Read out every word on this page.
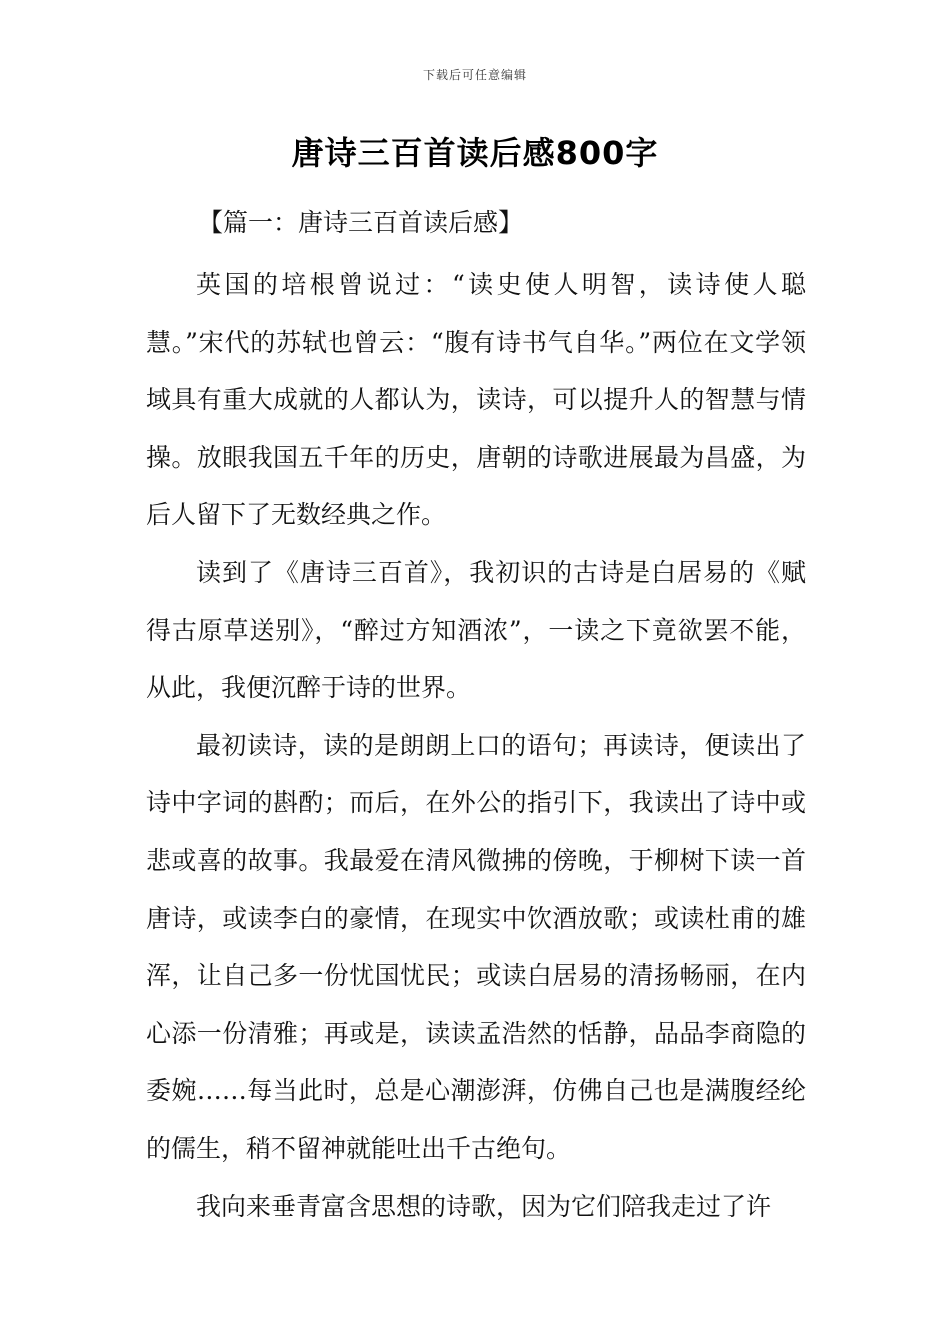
下载后可任意编辑
唐诗三百首读后感800字
【篇一：唐诗三百首读后感】

英国的培根曾说过：“读史使人明智，读诗使人聪慧。”宋代的苏轼也曾云：“腹有诗书气自华。”两位在文学领域具有重大成就的人都认为，读诗，可以提升人的智慧与情操。放眼我国五千年的历史，唐朝的诗歌进展最为昌盛，为后人留下了无数经典之作。

读到了《唐诗三百首》，我初识的古诗是白居易的《赋得古原草送别》，“醉过方知酒浓”，一读之下竟欲罢不能，从此，我便沉醉于诗的世界。

最初读诗，读的是朗朗上口的语句；再读诗，便读出了诗中字词的斟酌；而后，在外公的指引下，我读出了诗中或悲或喜的故事。我最爱在清风微拂的傍晚，于柳树下读一首唐诗，或读李白的豪情，在现实中饮酒放歌；或读杜甫的雄浑，让自己多一份忧国忧民；或读白居易的清扬畅丽，在内心添一份清雅；再或是，读读孟浩然的恬静，品品李商隐的委婉……每当此时，总是心潮澎湃，仿佛自己也是满腹经纶的儒生，稍不留神就能吐出千古绝句。

我向来垂青富含思想的诗歌，因为它们陪我走过了许
